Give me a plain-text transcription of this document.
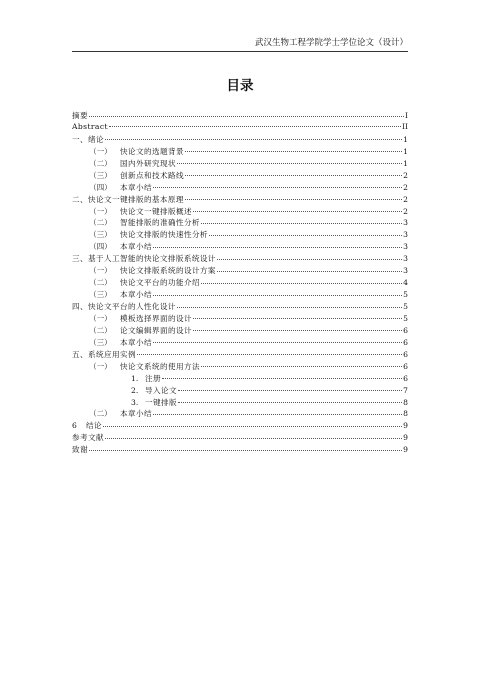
武汉生物工程学院学士学位论文（设计）
目录
摘要	I
Abstract	II
一、绪论	1
（一）	快论文的选题背景	1
（二）	国内外研究现状	1
（三）	创新点和技术路线	2
（四）	本章小结	2
二、快论文一键排版的基本原理	2
（一）	快论文一键排版概述	2
（二）	智能排版的准确性分析	3
（三）	快论文排版的快速性分析	3
（四）	本章小结	3
三、基于人工智能的快论文排版系统设计	3
（一）	快论文排版系统的设计方案	3
（二）	快论文平台的功能介绍	4
（三）	本章小结	5
四、快论文平台的人性化设计	5
（一）	模板选择界面的设计	5
（二）	论文编辑界面的设计	6
（三）	本章小结	6
五、系统应用实例	6
（一）	快论文系统的使用方法	6
1. 注册	6
2. 导入论文	7
3. 一键排版	8
（二）	本章小结	8
6	结论	9
参考文献	9
致谢	9
